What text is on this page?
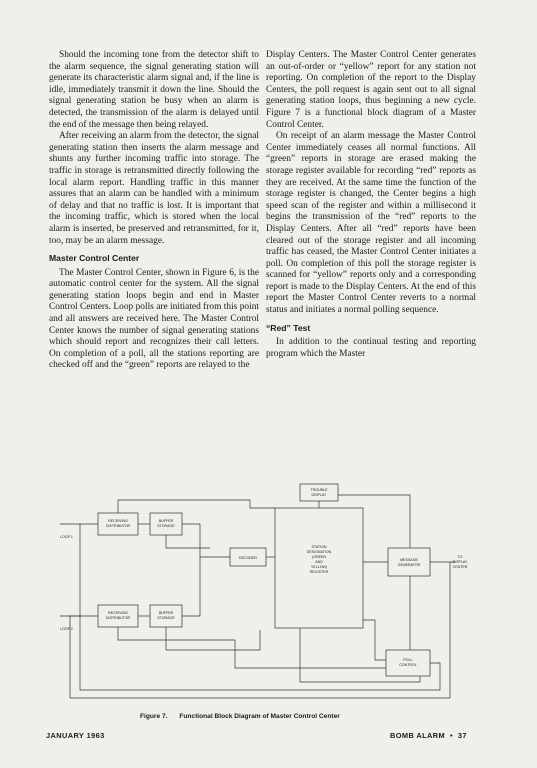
Should the incoming tone from the detector shift to the alarm sequence, the signal generating station will generate its characteristic alarm signal and, if the line is idle, immediately transmit it down the line. Should the signal generating station be busy when an alarm is detected, the transmission of the alarm is delayed until the end of the message then being relayed.

After receiving an alarm from the detector, the signal generating station then inserts the alarm message and shunts any further incoming traffic into storage. The traffic in storage is retransmitted directly following the local alarm report. Handling traffic in this manner assures that an alarm can be handled with a minimum of delay and that no traffic is lost. It is important that the incoming traffic, which is stored when the local alarm is inserted, be preserved and retransmitted, for it, too, may be an alarm message.

Master Control Center

The Master Control Center, shown in Figure 6, is the automatic control center for the system. All the signal generating station loops begin and end in Master Control Centers. Loop polls are initiated from this point and all answers are received here. The Master Control Center knows the number of signal generating stations which should report and recognizes their call letters. On completion of a poll, all the stations reporting are checked off and the “green” reports are relayed to the

Display Centers. The Master Control Center generates an out-of-order or “yellow” report for any station not reporting. On completion of the report to the Display Centers, the poll request is again sent out to all signal generating station loops, thus beginning a new cycle. Figure 7 is a functional block diagram of a Master Control Center.

On receipt of an alarm message the Master Control Center immediately ceases all normal functions. All “green” reports in storage are erased making the storage register available for recording “red” reports as they are received. At the same time the function of the storage register is changed, the Center begins a high speed scan of the register and within a millisecond it begins the transmission of the “red” reports to the Display Centers. After all “red” reports have been cleared out of the storage register and all incoming traffic has ceased, the Master Control Center initiates a poll. On completion of this poll the storage register is scanned for “yellow” reports only and a corresponding report is made to the Display Centers. At the end of this report the Master Control Center reverts to a normal status and initiates a normal polling sequence.

“Red” Test

In addition to the continual testing and reporting program which the Master

TROUBLE
DISPLAY
RECEIVING
DISTRIBUTOR
BUFFER
STORAGE
LOOP 1
DECODER
STATION
DESIGNATION
(GREEN
AND
YELLOW)
REGISTER
MESSAGE
GENERATOR
TO
DISPLAY
CENTER
RECEIVING
DISTRIBUTOR
BUFFER
STORAGE
LOOP 2
POLL
CONTROL
Figure 7. Functional Block Diagram of Master Control Center
JANUARY 1963	BOMB ALARM  •  37
